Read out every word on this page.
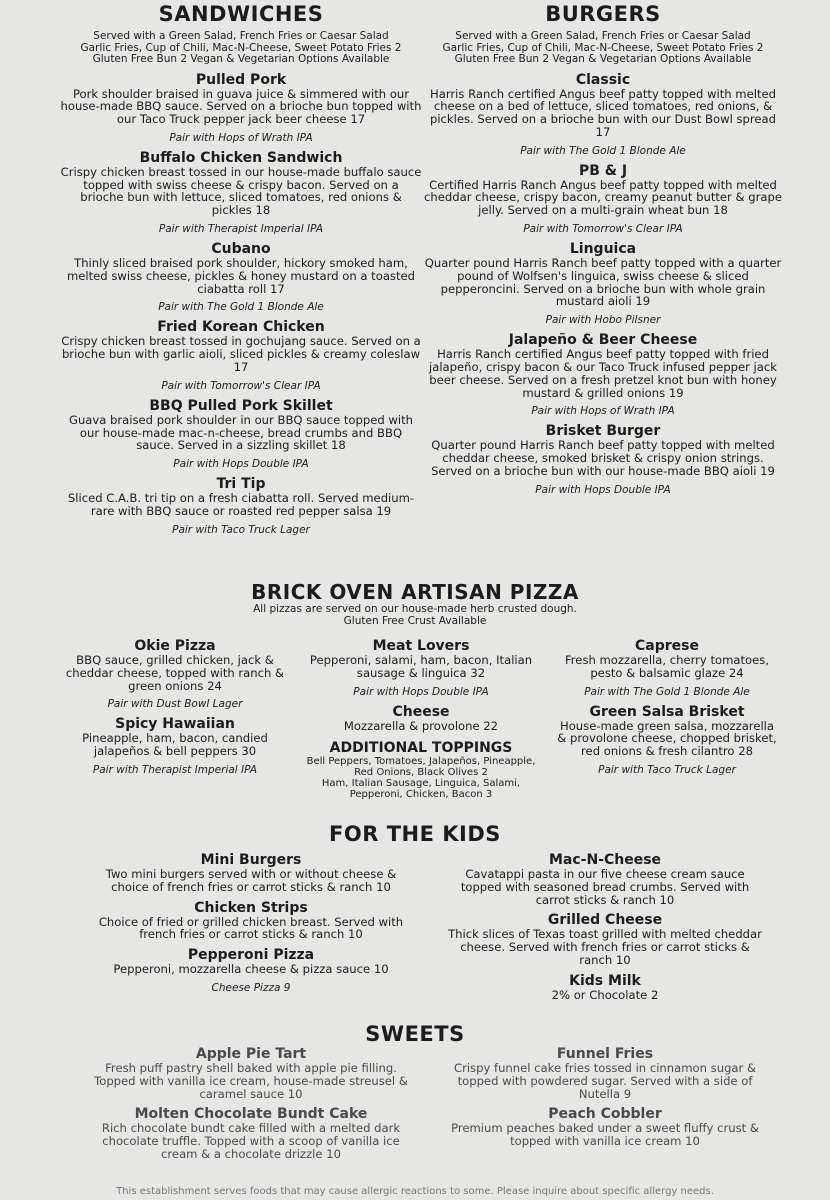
SANDWICHES
Served with a Green Salad, French Fries or Caesar Salad
Garlic Fries, Cup of Chili, Mac-N-Cheese, Sweet Potato Fries 2
Gluten Free Bun 2 Vegan & Vegetarian Options Available
Pulled Pork
Pork shoulder braised in guava juice & simmered with our house-made BBQ sauce. Served on a brioche bun topped with our Taco Truck pepper jack beer cheese 17
Pair with Hops of Wrath IPA
Buffalo Chicken Sandwich
Crispy chicken breast tossed in our house-made buffalo sauce topped with swiss cheese & crispy bacon. Served on a brioche bun with lettuce, sliced tomatoes, red onions & pickles 18
Pair with Therapist Imperial IPA
Cubano
Thinly sliced braised pork shoulder, hickory smoked ham, melted swiss cheese, pickles & honey mustard on a toasted ciabatta roll 17
Pair with The Gold 1 Blonde Ale
Fried Korean Chicken
Crispy chicken breast tossed in gochujang sauce. Served on a brioche bun with garlic aioli, sliced pickles & creamy coleslaw 17
Pair with Tomorrow's Clear IPA
BBQ Pulled Pork Skillet
Guava braised pork shoulder in our BBQ sauce topped with our house-made mac-n-cheese, bread crumbs and BBQ sauce. Served in a sizzling skillet 18
Pair with Hops Double IPA
Tri Tip
Sliced C.A.B. tri tip on a fresh ciabatta roll. Served medium-rare with BBQ sauce or roasted red pepper salsa 19
Pair with Taco Truck Lager
BURGERS
Served with a Green Salad, French Fries or Caesar Salad
Garlic Fries, Cup of Chili, Mac-N-Cheese, Sweet Potato Fries 2
Gluten Free Bun 2 Vegan & Vegetarian Options Available
Classic
Harris Ranch certified Angus beef patty topped with melted cheese on a bed of lettuce, sliced tomatoes, red onions, & pickles. Served on a brioche bun with our Dust Bowl spread 17
Pair with The Gold 1 Blonde Ale
PB & J
Certified Harris Ranch Angus beef patty topped with melted cheddar cheese, crispy bacon, creamy peanut butter & grape jelly. Served on a multi-grain wheat bun 18
Pair with Tomorrow's Clear IPA
Linguica
Quarter pound Harris Ranch beef patty topped with a quarter pound of Wolfsen's linguica, swiss cheese & sliced pepperoncini. Served on a brioche bun with whole grain mustard aioli 19
Pair with Hobo Pilsner
Jalapeño & Beer Cheese
Harris Ranch certified Angus beef patty topped with fried jalapeño, crispy bacon & our Taco Truck infused pepper jack beer cheese. Served on a fresh pretzel knot bun with honey mustard & grilled onions 19
Pair with Hops of Wrath IPA
Brisket Burger
Quarter pound Harris Ranch beef patty topped with melted cheddar cheese, smoked brisket & crispy onion strings. Served on a brioche bun with our house-made BBQ aioli 19
Pair with Hops Double IPA
BRICK OVEN ARTISAN PIZZA
All pizzas are served on our house-made herb crusted dough.
Gluten Free Crust Available
Okie Pizza
BBQ sauce, grilled chicken, jack & cheddar cheese, topped with ranch & green onions 24
Pair with Dust Bowl Lager
Spicy Hawaiian
Pineapple, ham, bacon, candied jalapeños & bell peppers 30
Pair with Therapist Imperial IPA
Meat Lovers
Pepperoni, salami, ham, bacon, Italian sausage & linguica 32
Pair with Hops Double IPA
Cheese
Mozzarella & provolone 22
ADDITIONAL TOPPINGS
Bell Peppers, Tomatoes, Jalapeños, Pineapple,
Red Onions, Black Olives 2
Ham, Italian Sausage, Linguica, Salami,
Pepperoni, Chicken, Bacon 3
Caprese
Fresh mozzarella, cherry tomatoes, pesto & balsamic glaze 24
Pair with The Gold 1 Blonde Ale
Green Salsa Brisket
House-made green salsa, mozzarella & provolone cheese, chopped brisket, red onions & fresh cilantro 28
Pair with Taco Truck Lager
FOR THE KIDS
Mini Burgers
Two mini burgers served with or without cheese & choice of french fries or carrot sticks & ranch 10
Chicken Strips
Choice of fried or grilled chicken breast. Served with french fries or carrot sticks & ranch 10
Pepperoni Pizza
Pepperoni, mozzarella cheese & pizza sauce 10
Cheese Pizza 9
Mac-N-Cheese
Cavatappi pasta in our five cheese cream sauce topped with seasoned bread crumbs. Served with carrot sticks & ranch 10
Grilled Cheese
Thick slices of Texas toast grilled with melted cheddar cheese. Served with french fries or carrot sticks & ranch 10
Kids Milk
2% or Chocolate 2
SWEETS
Apple Pie Tart
Fresh puff pastry shell baked with apple pie filling. Topped with vanilla ice cream, house-made streusel & caramel sauce 10
Molten Chocolate Bundt Cake
Rich chocolate bundt cake filled with a melted dark chocolate truffle. Topped with a scoop of vanilla ice cream & a chocolate drizzle 10
Funnel Fries
Crispy funnel cake fries tossed in cinnamon sugar & topped with powdered sugar. Served with a side of Nutella 9
Peach Cobbler
Premium peaches baked under a sweet fluffy crust & topped with vanilla ice cream 10
This establishment serves foods that may cause allergic reactions to some. Please inquire about specific allergy needs.
